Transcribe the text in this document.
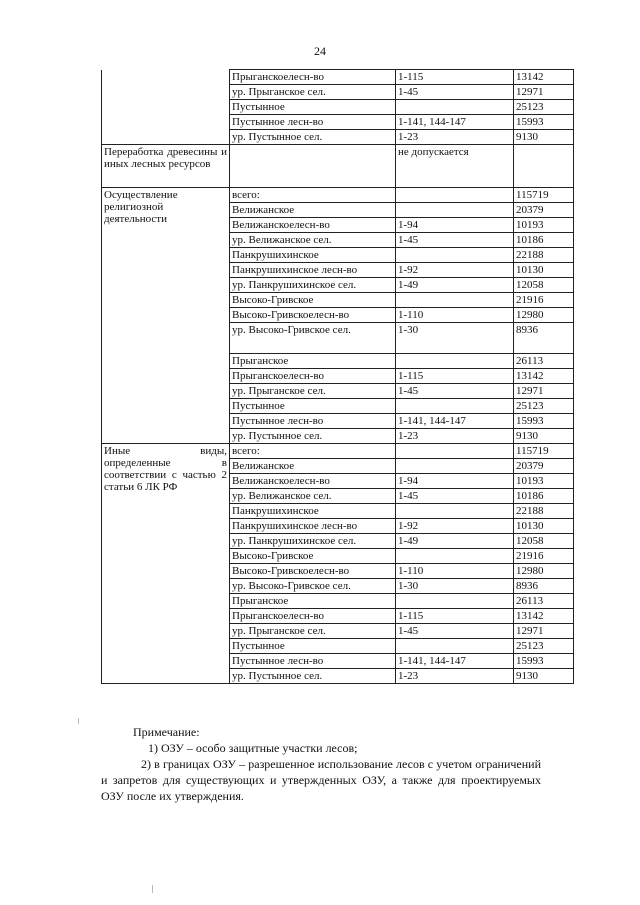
24
	Прыганскоелесн-во	1-115	13142
	ур. Прыганское сел.	1-45	12971
	Пустынное		25123
	Пустынное лесн-во	1-141, 144-147	15993
	ур. Пустынное сел.	1-23	9130
Переработка древесины и иных лесных ресурсов		не допускается	
Осуществление религиозной деятельности	всего:		115719
	Велижанское		20379
	Велижанскоелесн-во	1-94	10193
	ур. Велижанское сел.	1-45	10186
	Панкрушихинское		22188
	Панкрушихинское лесн-во	1-92	10130
	ур. Панкрушихинское сел.	1-49	12058
	Высоко-Гривское		21916
	Высоко-Гривскоелесн-во	1-110	12980
	ур. Высоко-Гривское сел.	1-30	8936
	Прыганское		26113
	Прыганскоелесн-во	1-115	13142
	ур. Прыганское сел.	1-45	12971
	Пустынное		25123
	Пустынное лесн-во	1-141, 144-147	15993
	ур. Пустынное сел.	1-23	9130
Иные виды, определенные в соответствии с частью 2 статьи 6 ЛК РФ	всего:		115719
	Велижанское		20379
	Велижанскоелесн-во	1-94	10193
	ур. Велижанское сел.	1-45	10186
	Панкрушихинское		22188
	Панкрушихинское лесн-во	1-92	10130
	ур. Панкрушихинское сел.	1-49	12058
	Высоко-Гривское		21916
	Высоко-Гривскоелесн-во	1-110	12980
	ур. Высоко-Гривское сел.	1-30	8936
	Прыганское		26113
	Прыганскоелесн-во	1-115	13142
	ур. Прыганское сел.	1-45	12971
	Пустынное		25123
	Пустынное лесн-во	1-141, 144-147	15993
	ур. Пустынное сел.	1-23	9130
Примечание:
1) ОЗУ – особо защитные участки лесов;
2) в границах ОЗУ – разрешенное использование лесов с учетом ограничений и запретов для существующих и утвержденных ОЗУ, а также для проектируемых ОЗУ после их утверждения.
